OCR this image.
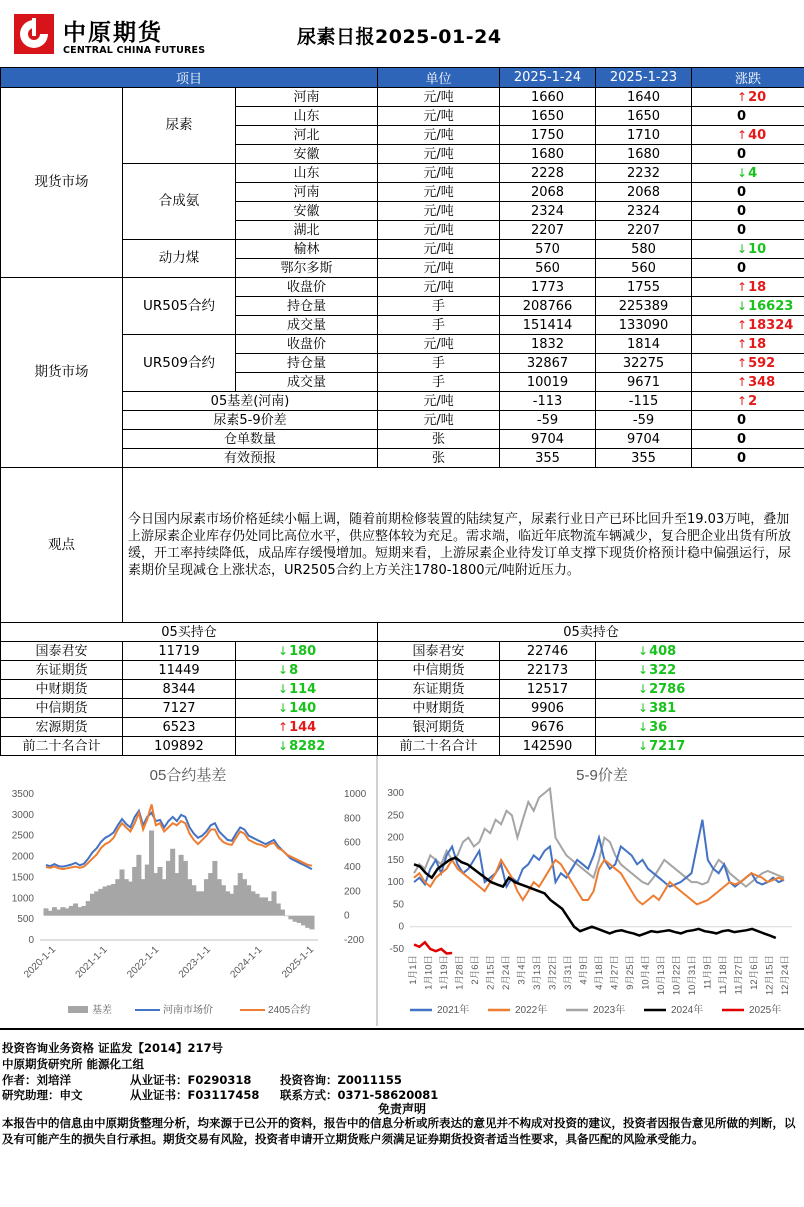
中原期货
CENTRAL CHINA FUTURES
尿素日报2025-01-24
项目			单位	2025-1-24	2025-1-23	涨跌
现货市场	尿素	河南	元/吨	1660	1640	↑20
		山东	元/吨	1650	1650	0
		河北	元/吨	1750	1710	↑40
		安徽	元/吨	1680	1680	0
	合成氨	山东	元/吨	2228	2232	↓4
		河南	元/吨	2068	2068	0
		安徽	元/吨	2324	2324	0
		湖北	元/吨	2207	2207	0
	动力煤	榆林	元/吨	570	580	↓10
		鄂尔多斯	元/吨	560	560	0
期货市场	UR505合约	收盘价	元/吨	1773	1755	↑18
		持仓量	手	208766	225389	↓16623
		成交量	手	151414	133090	↑18324
	UR509合约	收盘价	元/吨	1832	1814	↑18
		持仓量	手	32867	32275	↑592
		成交量	手	10019	9671	↑348
	05基差(河南)		元/吨	-113	-115	↑2
	尿素5-9价差		元/吨	-59	-59	0
	仓单数量		张	9704	9704	0
	有效预报		张	355	355	0
观点	今日国内尿素市场价格延续小幅上调，随着前期检修装置的陆续复产，尿素行业日产已环比回升至19.03万吨，叠加上游尿素企业库存仍处同比高位水平，供应整体较为充足。需求端，临近年底物流车辆减少，复合肥企业出货有所放缓，开工率持续降低，成品库存缓慢增加。短期来看，上游尿素企业待发订单支撑下现货价格预计稳中偏强运行，尿素期价呈现减仓上涨状态，UR2505合约上方关注1780-1800元/吨附近压力。					
05买持仓			05卖持仓		
国泰君安	11719	↓180	国泰君安	22746	↓408
东证期货	11449	↓8	中信期货	22173	↓322
中财期货	8344	↓114	东证期货	12517	↓2786
中信期货	7127	↓140	中财期货	9906	↓381
宏源期货	6523	↑144	银河期货	9676	↓36
前二十名合计	109892	↓8282	前二十名合计	142590	↓7217
05合约基差
0
500
1000
1500
2000
2500
3000
3500
-200
0
200
400
600
800
1000
2020-1-1 2021-1-1 2022-1-1 2023-1-1 2024-1-1 2025-1-1
基差	河南市场价	2405合约
5-9价差
-50
0
50
100
150
200
250
300
1月1日 1月10日 1月19日 1月28日 2月6日 2月15日 2月24日 3月4日 3月13日 3月22日 3月31日 4月9日 4月18日 4月27日 9月25日 10月4日 10月13日 10月22日 10月31日 11月9日 11月18日 11月27日 12月6日 12月15日 12月24日
2021年	2022年	2023年	2024年	2025年
投资咨询业务资格 证监发【2014】217号
中原期货研究所 能源化工组
作者：刘培洋	从业证书：F0290318 投资咨询：Z0011155
研究助理：申文	从业证书：F03117458 联系方式：0371-58620081
免责声明
本报告中的信息由中原期货整理分析，均来源于已公开的资料，报告中的信息分析或所表达的意见并不构成对投资的建议，投资者因报告意见所做的判断，以及有可能产生的损失自行承担。期货交易有风险，投资者申请开立期货账户须满足证券期货投资者适当性要求，具备匹配的风险承受能力。
